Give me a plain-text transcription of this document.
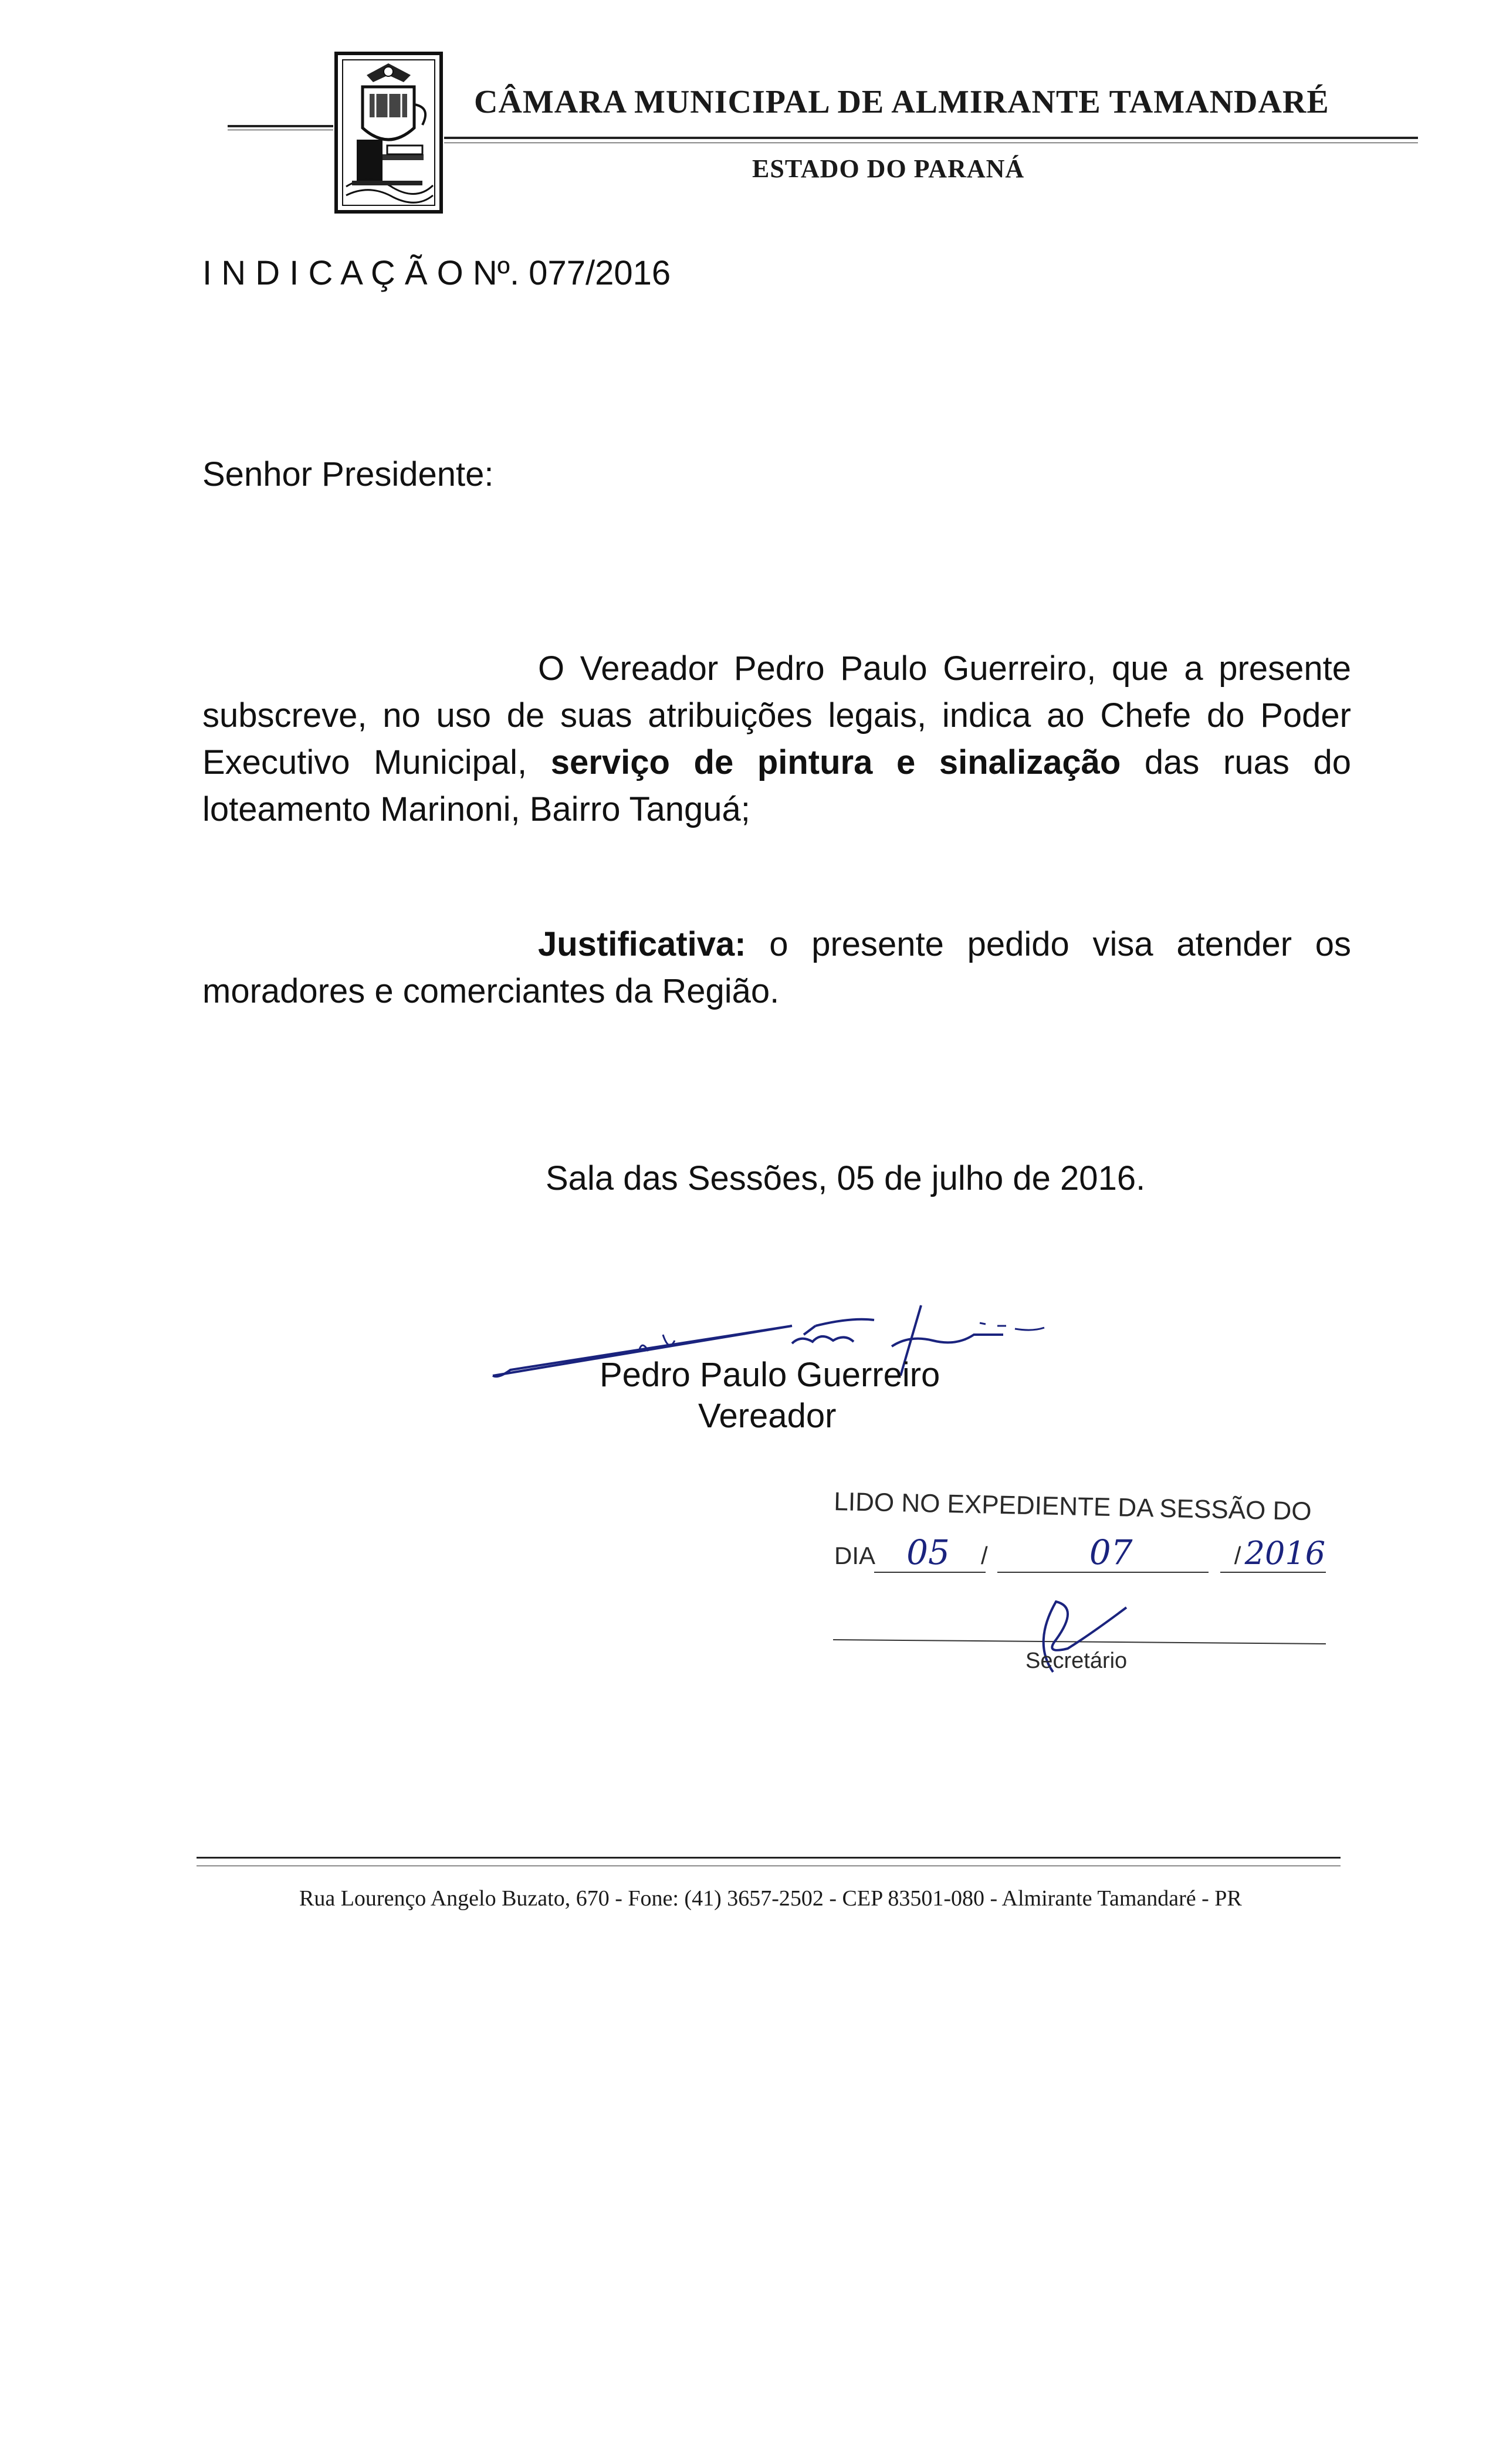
CÂMARA MUNICIPAL DE ALMIRANTE TAMANDARÉ
ESTADO DO PARANÁ
I N D I C A Ç Ã O Nº. 077/2016
Senhor Presidente:
O Vereador Pedro Paulo Guerreiro, que a presente subscreve, no uso de suas atribuições legais, indica ao Chefe do Poder Executivo Municipal, serviço de pintura e sinalização das ruas do loteamento Marinoni, Bairro Tanguá;
Justificativa: o presente pedido visa atender os moradores e comerciantes da Região.
Sala das Sessões, 05 de julho de 2016.
Pedro Paulo Guerreiro
Vereador
LIDO NO EXPEDIENTE DA SESSÃO DO
DIA 05 /	07	/ 2016
Secretário
Rua Lourenço Angelo Buzato, 670 - Fone: (41) 3657-2502 - CEP 83501-080 - Almirante Tamandaré - PR
